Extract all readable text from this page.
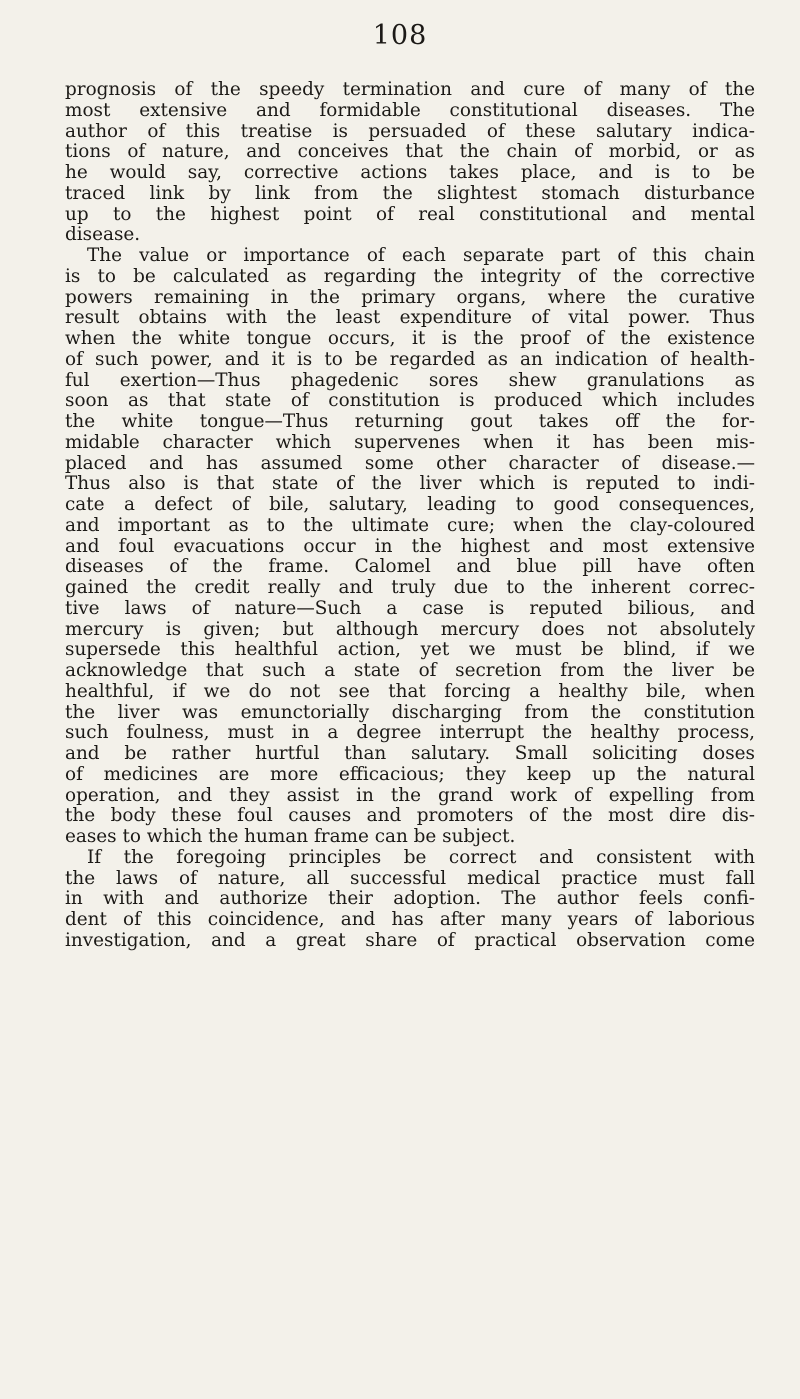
108
prognosis of the speedy termination and cure of many of the
most extensive and formidable constitutional diseases. The
author of this treatise is persuaded of these salutary indica-
tions of nature, and conceives that the chain of morbid, or as
he would say, corrective actions takes place, and is to be
traced link by link from the slightest stomach disturbance
up to the highest point of real constitutional and mental
disease.
The value or importance of each separate part of this chain
is to be calculated as regarding the integrity of the corrective
powers remaining in the primary organs, where the curative
result obtains with the least expenditure of vital power. Thus
when the white tongue occurs, it is the proof of the existence
of such power, and it is to be regarded as an indication of health-
ful exertion—Thus phagedenic sores shew granulations as
soon as that state of constitution is produced which includes
the white tongue—Thus returning gout takes off the for-
midable character which supervenes when it has been mis-
placed and has assumed some other character of disease.—
Thus also is that state of the liver which is reputed to indi-
cate a defect of bile, salutary, leading to good consequences,
and important as to the ultimate cure; when the clay-coloured
and foul evacuations occur in the highest and most extensive
diseases of the frame. Calomel and blue pill have often
gained the credit really and truly due to the inherent correc-
tive laws of nature—Such a case is reputed bilious, and
mercury is given; but although mercury does not absolutely
supersede this healthful action, yet we must be blind, if we
acknowledge that such a state of secretion from the liver be
healthful, if we do not see that forcing a healthy bile, when
the liver was emunctorially discharging from the constitution
such foulness, must in a degree interrupt the healthy process,
and be rather hurtful than salutary. Small soliciting doses
of medicines are more efficacious; they keep up the natural
operation, and they assist in the grand work of expelling from
the body these foul causes and promoters of the most dire dis-
eases to which the human frame can be subject.
If the foregoing principles be correct and consistent with
the laws of nature, all successful medical practice must fall
in with and authorize their adoption. The author feels confi-
dent of this coincidence, and has after many years of laborious
investigation, and a great share of practical observation come
